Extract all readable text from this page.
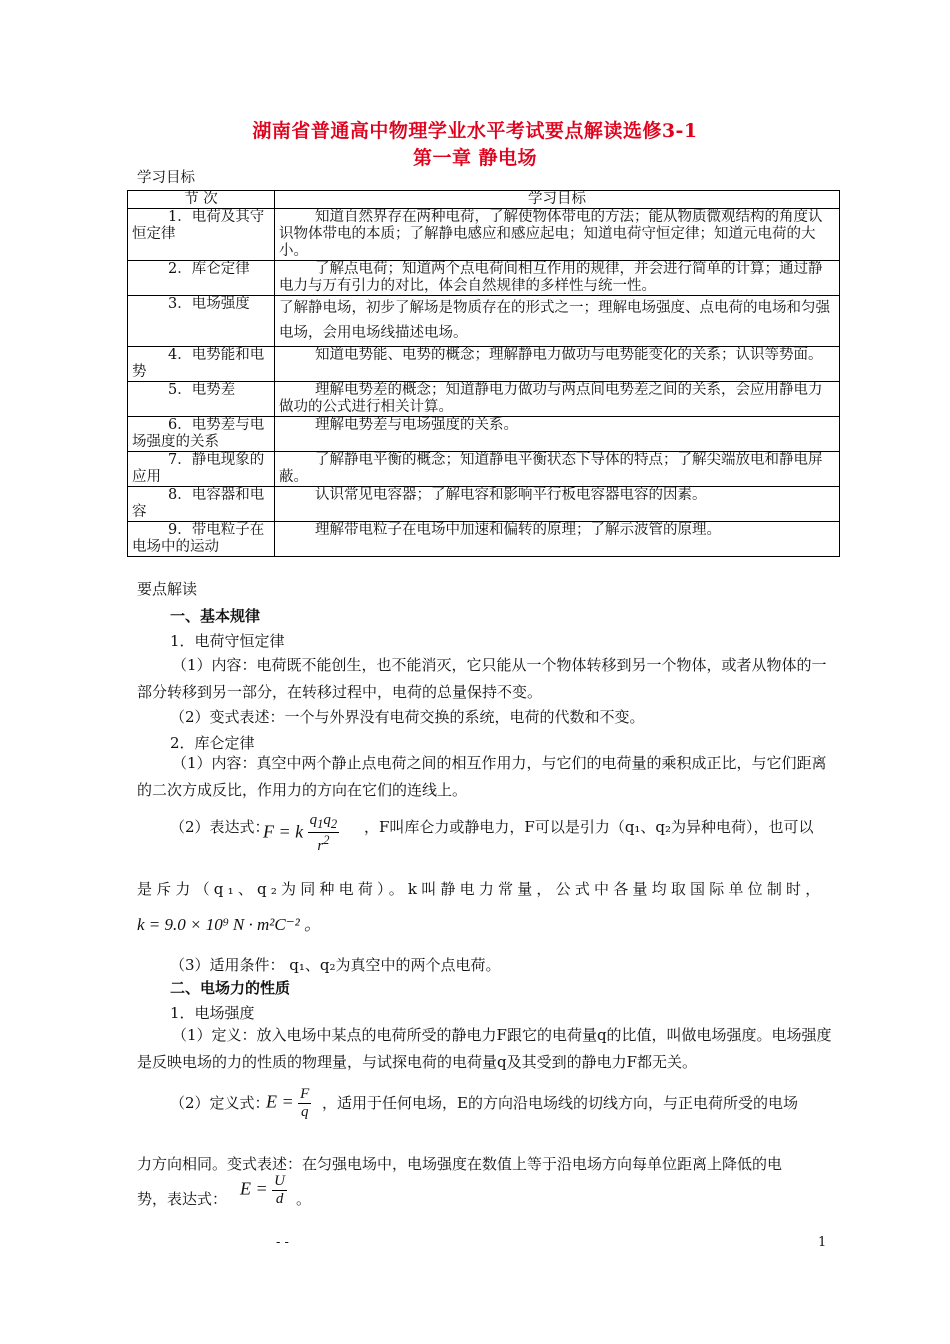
湖南省普通高中物理学业水平考试要点解读选修3-1
第一章 静电场
学习目标
节 次	学习目标
1．电荷及其守恒定律	知道自然界存在两种电荷，了解使物体带电的方法；能从物质微观结构的角度认识物体带电的本质；了解静电感应和感应起电；知道电荷守恒定律；知道元电荷的大小。
2．库仑定律	了解点电荷；知道两个点电荷间相互作用的规律，并会进行简单的计算；通过静电力与万有引力的对比，体会自然规律的多样性与统一性。
3．电场强度	了解静电场，初步了解场是物质存在的形式之一；理解电场强度、点电荷的电场和匀强电场，会用电场线描述电场。
4．电势能和电势	知道电势能、电势的概念；理解静电力做功与电势能变化的关系；认识等势面。
5．电势差	理解电势差的概念；知道静电力做功与两点间电势差之间的关系，会应用静电力做功的公式进行相关计算。
6．电势差与电场强度的关系	理解电势差与电场强度的关系。
7．静电现象的应用	了解静电平衡的概念；知道静电平衡状态下导体的特点；了解尖端放电和静电屏蔽。
8．电容器和电容	认识常见电容器；了解电容和影响平行板电容器电容的因素。
9．带电粒子在电场中的运动	理解带电粒子在电场中加速和偏转的原理；了解示波管的原理。
要点解读
一、基本规律
1．电荷守恒定律
（1）内容：电荷既不能创生，也不能消灭，它只能从一个物体转移到另一个物体，或者从物体的一部分转移到另一部分，在转移过程中，电荷的总量保持不变。
（2）变式表述：一个与外界没有电荷交换的系统，电荷的代数和不变。
2．库仑定律
（1）内容：真空中两个静止点电荷之间的相互作用力，与它们的电荷量的乘积成正比，与它们距离的二次方成反比，作用力的方向在它们的连线上。
（2）表达式：
F = k $\frac{q_1q_2}{r^2}$ ，F叫库仑力或静电力，F可以是引力（q₁、q₂为异种电荷），也可以
是斥力（q₁、q₂为同种电荷）。k叫静电力常量，公式中各量均取国际单位制时，
k = 9.0 × 10⁹ N · m²C⁻² 。
（3）适用条件： q₁、q₂为真空中的两个点电荷。
二、电场力的性质
1．电场强度
（1）定义：放入电场中某点的电荷所受的静电力F跟它的电荷量q的比值，叫做电场强度。电场强度是反映电场的力的性质的物理量，与试探电荷的电荷量q及其受到的静电力F都无关。
（2）定义式：
$E = \frac{F}{q}$ ，适用于任何电场，E的方向沿电场线的切线方向，与正电荷所受的电场
力方向相同。变式表述：在匀强电场中，电场强度在数值上等于沿电场方向每单位距离上降低的电
势，表达式：
$E = \frac{U}{d}$ 。
- -	1
